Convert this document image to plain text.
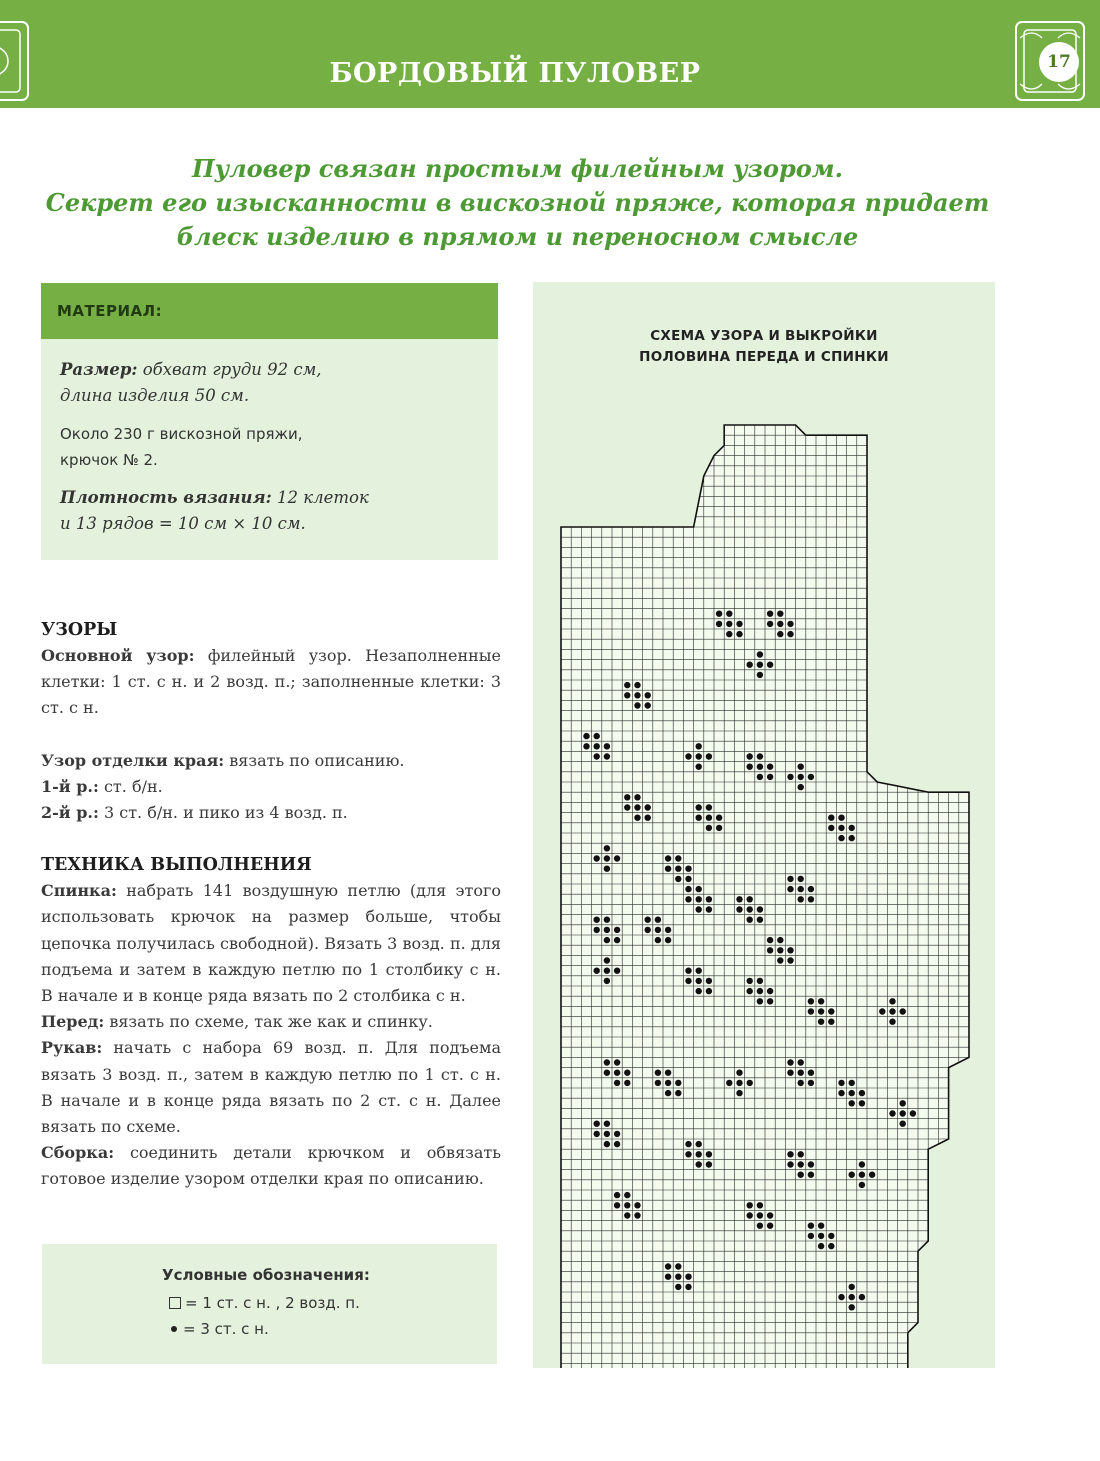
БОРДОВЫЙ ПУЛОВЕР	17
Пуловер связан простым филейным узором.
Секрет его изысканности в вискозной пряже, которая придает
блеск изделию в прямом и переносном смысле
МАТЕРИАЛ:

Размер: обхват груди 92 см,
длина изделия 50 см.

Около 230 г вискозной пряжи,
крючок № 2.

Плотность вязания: 12 клеток
и 13 рядов = 10 см × 10 см.

УЗОРЫ

Основной узор: филейный узор. Незаполненные клетки: 1 ст. с н. и 2 возд. п.; заполненные клетки: 3 ст. с н.

Узор отделки края: вязать по описанию.

1-й р.: ст. б/н.

2-й р.: 3 ст. б/н. и пико из 4 возд. п.

ТЕХНИКА ВЫПОЛНЕНИЯ

Спинка: набрать 141 воздушную петлю (для этого использовать крючок на размер больше, чтобы цепочка получилась свободной). Вязать 3 возд. п. для подъема и затем в каждую петлю по 1 столбику с н. В начале и в конце ряда вязать по 2 столбика с н.

Перед: вязать по схеме, так же как и спинку.

Рукав: начать с набора 69 возд. п. Для подъема вязать 3 возд. п., затем в каждую петлю по 1 ст. с н. В начале и в конце ряда вязать по 2 ст. с н. Далее вязать по схеме.

Сборка: соединить детали крючком и обвязать готовое изделие узором отделки края по описанию.

Условные обозначения:
= 1 ст. с н. , 2 возд. п.
= 3 ст. с н.
СХЕМА УЗОРА И ВЫКРОЙКИ
ПОЛОВИНА ПЕРЕДА И СПИНКИ
